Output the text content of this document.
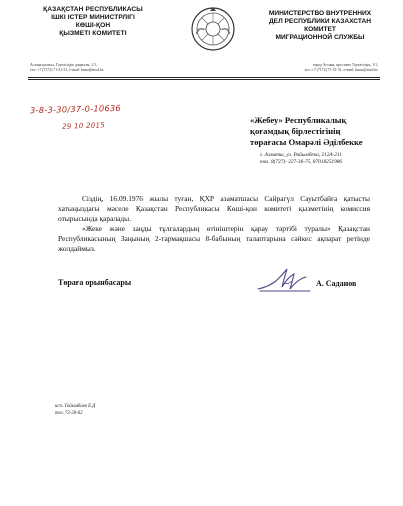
ҚАЗАҚСТАН РЕСПУБЛИКАСЫ
ІШКІ ІСТЕР МИНИСТРЛІГІ
КӨШІ-ҚОН
ҚЫЗМЕТІ КОМИТЕТІ
МИНИСТЕРСТВО ВНУТРЕННИХ
ДЕЛ РЕСПУБЛИКИ КАЗАХСТАН
КОМИТЕТ
МИГРАЦИОННОЙ СЛУЖБЫ
Астана қаласы, Тәуелсіздік даңғылы, 1/1,
тел.:+7 (7172) 71-51-31, e-mail: kmsa@mvd.kz
город Астана, проспект Тәуелсіздік, 1/1,
тел.:+7 (7172) 71-51-31, e-mail: kmsa@mvd.kz
3-8-3-30/37-0-10636
29 10 2015
«Жебеу» Республикалық
қоғамдық бірлестігінің
төрағасы Омарәлі Әділбекке
г. Алматы, ул. Райымбека, 212А-211
тел. 8(727)- 227-36-75, 87018251986

Сіздің, 16.09.1976 жылы туған, ҚХР азаматшасы Сайрагүл Сауытбайға қатысты хатыңыздағы мәселе Қазақстан Республикасы Көші-қон комитеті қызметінің комиссия отырысында қаралады.

«Жеке және заңды тұлғалардың өтініштерін қарау тәртібі туралы» Қазақстан Республикасының Заңының 2-тармақшасы 8-бабының талаптарына сәйкес ақпарат ретінде жолдаймыз.

Төраға орынбасары	А. Саданов
исп. Тойымбаев Е.Д
тел. 72-20-62
